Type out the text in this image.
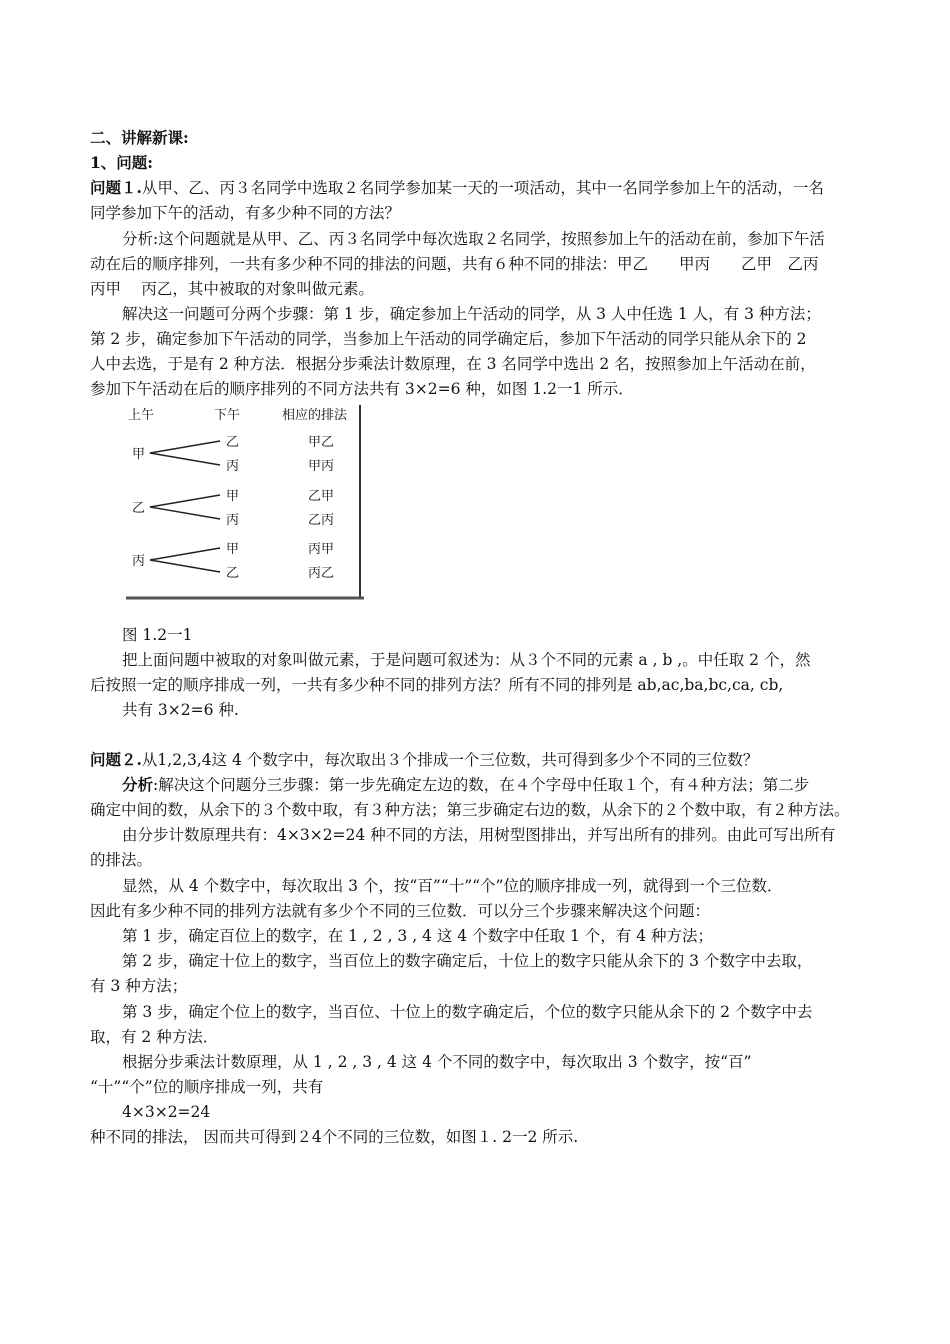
二、讲解新课:
1、问题:
问题１.从甲、乙、丙３名同学中选取２名同学参加某一天的一项活动，其中一名同学参加上午的活动，一名
同学参加下午的活动，有多少种不同的方法？
分析:这个问题就是从甲、乙、丙３名同学中每次选取２名同学，按照参加上午的活动在前，参加下午活
动在后的顺序排列，一共有多少种不同的排法的问题，共有６种不同的排法：甲乙　　甲丙　　乙甲　乙丙
丙甲　 丙乙，其中被取的对象叫做元素。
解决这一问题可分两个步骤：第 1 步，确定参加上午活动的同学，从 3 人中任选 1 人，有 3 种方法；
第 2 步，确定参加下午活动的同学，当参加上午活动的同学确定后，参加下午活动的同学只能从余下的 2
人中去选，于是有 2 种方法．根据分步乘法计数原理，在 3 名同学中选出 2 名，按照参加上午活动在前，
参加下午活动在后的顺序排列的不同方法共有 3×2=6 种，如图 1.2一1 所示．
上午	下午	相应的排法
甲
乙	甲乙
丙	甲丙
乙
甲	乙甲
丙	乙丙
丙
甲	丙甲
乙	丙乙
图 1.2一1
把上面问题中被取的对象叫做元素，于是问题可叙述为：从３个不同的元素 a , b ,。中任取 2 个，然
后按照一定的顺序排成一列，一共有多少种不同的排列方法？所有不同的排列是 ab,ac,ba,bc,ca, cb,
共有 3×2=6 种.
问题２.从1,2,3,4这 4 个数字中，每次取出３个排成一个三位数，共可得到多少个不同的三位数？
分析:解决这个问题分三步骤：第一步先确定左边的数，在４个字母中任取１个，有４种方法；第二步
确定中间的数，从余下的３个数中取，有３种方法；第三步确定右边的数，从余下的２个数中取，有２种方法。
由分步计数原理共有：4×3×2=24 种不同的方法，用树型图排出，并写出所有的排列。由此可写出所有
的排法。
显然，从 4 个数字中，每次取出 3 个，按“百”“十”“个”位的顺序排成一列，就得到一个三位数．
因此有多少种不同的排列方法就有多少个不同的三位数．可以分三个步骤来解决这个问题：
第 1 步，确定百位上的数字，在 1 , 2 , 3 , 4 这 4 个数字中任取 1 个，有 4 种方法；
第 2 步，确定十位上的数字，当百位上的数字确定后，十位上的数字只能从余下的 3 个数字中去取，
有 3 种方法；
第 3 步，确定个位上的数字，当百位、十位上的数字确定后，个位的数字只能从余下的 2 个数字中去
取，有 2 种方法．
根据分步乘法计数原理，从 1 , 2 , 3 , 4 这 4 个不同的数字中，每次取出 3 个数字，按“百”
“十”“个”位的顺序排成一列，共有
4×3×2=24
种不同的排法， 因而共可得到２4个不同的三位数，如图１. 2一2 所示.
